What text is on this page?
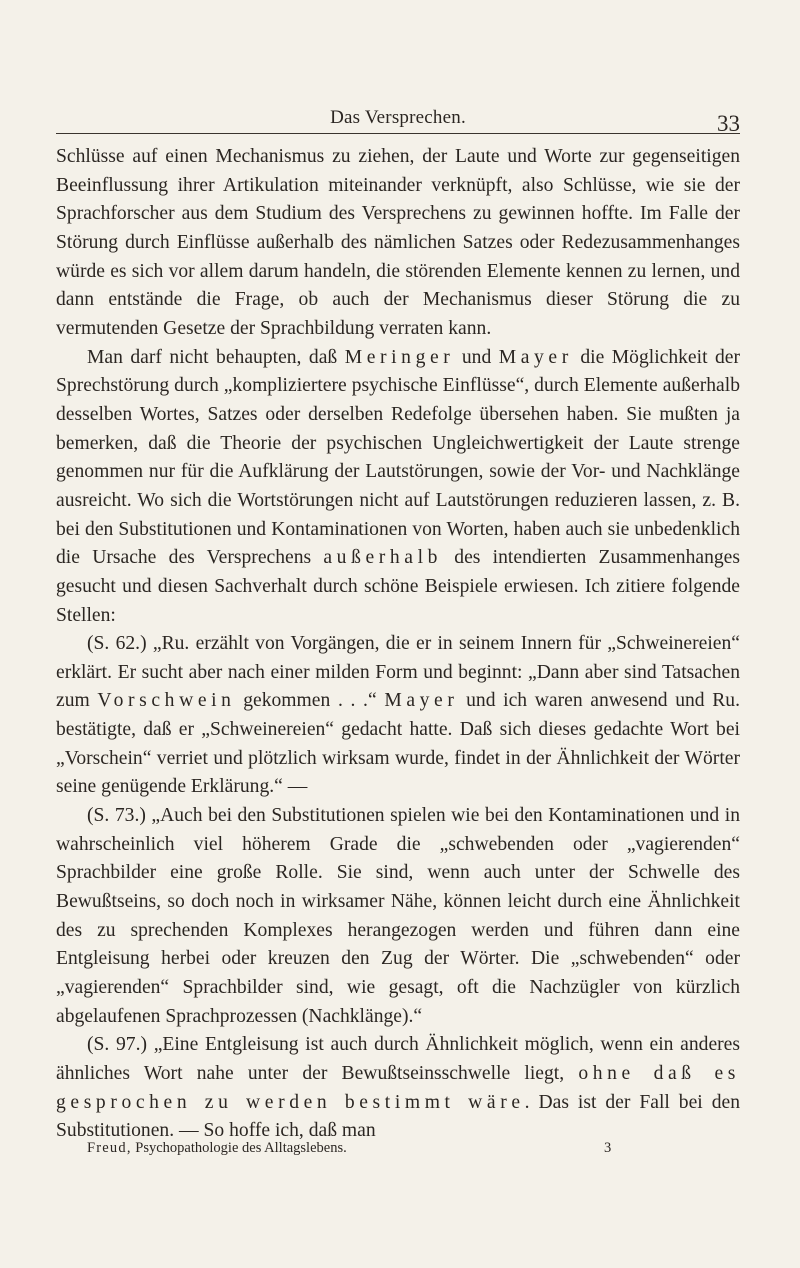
Das Versprechen.	33

Schlüsse auf einen Mechanismus zu ziehen, der Laute und Worte zur gegenseitigen Beeinflussung ihrer Artikulation miteinander verknüpft, also Schlüsse, wie sie der Sprachforscher aus dem Studium des Versprechens zu gewinnen hoffte. Im Falle der Störung durch Einflüsse außerhalb des nämlichen Satzes oder Redezusammenhanges würde es sich vor allem darum handeln, die störenden Elemente kennen zu lernen, und dann entstände die Frage, ob auch der Mechanismus dieser Störung die zu vermutenden Gesetze der Sprachbildung verraten kann.

Man darf nicht behaupten, daß Meringer und Mayer die Möglichkeit der Sprechstörung durch „kompliziertere psychische Einflüsse“, durch Elemente außerhalb desselben Wortes, Satzes oder derselben Redefolge übersehen haben. Sie mußten ja bemerken, daß die Theorie der psychischen Ungleichwertigkeit der Laute strenge genommen nur für die Aufklärung der Lautstörungen, sowie der Vor- und Nachklänge ausreicht. Wo sich die Wortstörungen nicht auf Lautstörungen reduzieren lassen, z. B. bei den Substitutionen und Kontaminationen von Worten, haben auch sie unbedenklich die Ursache des Versprechens außerhalb des intendierten Zusammenhanges gesucht und diesen Sachverhalt durch schöne Beispiele erwiesen. Ich zitiere folgende Stellen:

(S. 62.) „Ru. erzählt von Vorgängen, die er in seinem Innern für „Schweinereien“ erklärt. Er sucht aber nach einer milden Form und beginnt: „Dann aber sind Tatsachen zum Vorschwein gekommen . . .“ Mayer und ich waren anwesend und Ru. bestätigte, daß er „Schweinereien“ gedacht hatte. Daß sich dieses gedachte Wort bei „Vorschein“ verriet und plötzlich wirksam wurde, findet in der Ähnlichkeit der Wörter seine genügende Erklärung.“ —

(S. 73.) „Auch bei den Substitutionen spielen wie bei den Kontaminationen und in wahrscheinlich viel höherem Grade die „schwebenden oder „vagierenden“ Sprachbilder eine große Rolle. Sie sind, wenn auch unter der Schwelle des Bewußtseins, so doch noch in wirksamer Nähe, können leicht durch eine Ähnlichkeit des zu sprechenden Komplexes herangezogen werden und führen dann eine Entgleisung herbei oder kreuzen den Zug der Wörter. Die „schwebenden“ oder „vagierenden“ Sprachbilder sind, wie gesagt, oft die Nachzügler von kürzlich abgelaufenen Sprachprozessen (Nachklänge).“

(S. 97.) „Eine Entgleisung ist auch durch Ähnlichkeit möglich, wenn ein anderes ähnliches Wort nahe unter der Bewußtseinsschwelle liegt, ohne daß es gesprochen zu werden bestimmt wäre. Das ist der Fall bei den Substitutionen. — So hoffe ich, daß man

Freud, Psychopathologie des Alltagslebens.	3
